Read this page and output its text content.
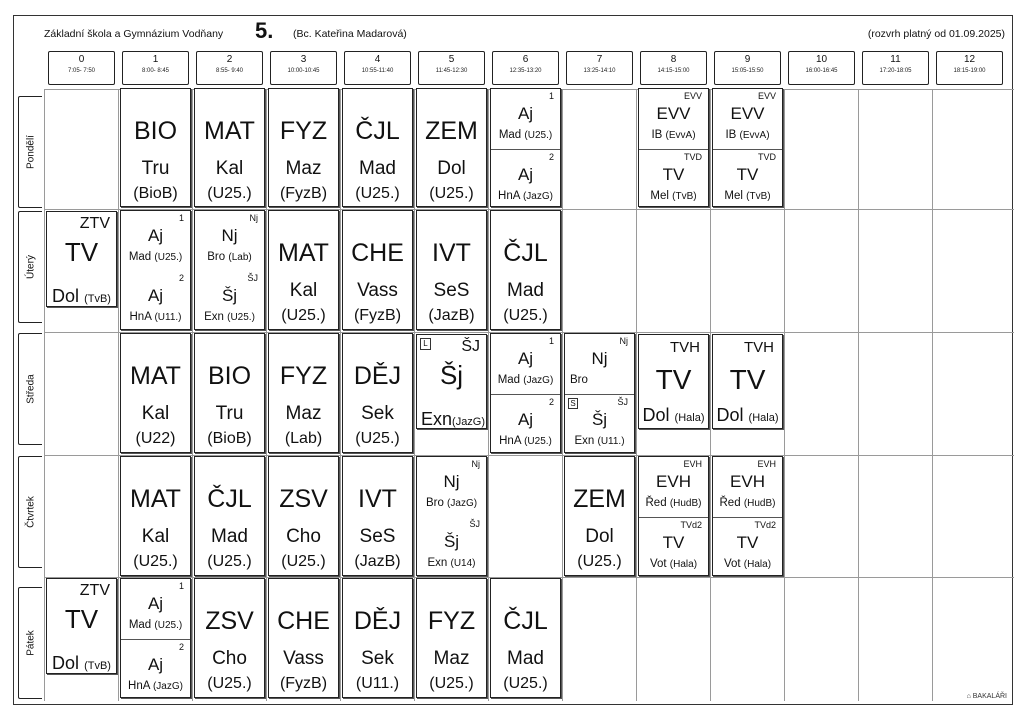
Základní škola a Gymnázium Vodňany 5. (Bc. Kateřina Madarová)	(rozvrh platný od 01.09.2025)
0
7:05- 7:50
1
8:00- 8:45
2
8:55- 9:40
3
10:00-10:45
4
10:55-11:40
5
11:45-12:30
6
12:35-13:20
7
13:25-14:10
8
14:15-15:00
9
15:05-15:50
10
16:00-16:45
11
17:20-18:05
12
18:15-19:00
Pondělí
Úterý
Středa
Čtvrtek
Pátek
BIO
Tru
(BioB)
MAT
Kal
(U25.)
FYZ
Maz
(FyzB)
ČJL
Mad
(U25.)
ZEM
Dol
(U25.)
1
Aj
Mad (U25.)
2
Aj
HnA (JazG)
EVV
EVV
IB (EvvA)
TVD
TV
Mel (TvB)
EVV
EVV
IB (EvvA)
TVD
TV
Mel (TvB)
ZTV
TV
Dol (TvB)
1
Aj
Mad (U25.)
2
Aj
HnA (U11.)
Nj
Nj
Bro (Lab)
ŠJ
Šj
Exn (U25.)
MAT
Kal
(U25.)
CHE
Vass
(FyzB)
IVT
SeS
(JazB)
ČJL
Mad
(U25.)
MAT
Kal
(U22)
BIO
Tru
(BioB)
FYZ
Maz
(Lab)
DĚJ
Sek
(U25.)
L ŠJ
Šj
Exn(JazG)
1
Aj
Mad (JazG)
2
Aj
HnA (U25.)
Nj
Nj
Bro
S	ŠJ
Šj
Exn (U11.)
TVH
TV
Dol (Hala)
TVH
TV
Dol (Hala)
MAT
Kal
(U25.)
ČJL
Mad
(U25.)
ZSV
Cho
(U25.)
IVT
SeS
(JazB)
Nj
Nj
Bro (JazG)
ŠJ
Šj
Exn (U14)
ZEM
Dol
(U25.)
EVH
EVH
Řed (HudB)
TVd2
TV
Vot (Hala)
EVH
EVH
Řed (HudB)
TVd2
TV
Vot (Hala)
ZTV
TV
Dol (TvB)
1
Aj
Mad (U25.)
2
Aj
HnA (JazG)
ZSV
Cho
(U25.)
CHE
Vass
(FyzB)
DĚJ
Sek
(U11.)
FYZ
Maz
(U25.)
ČJL
Mad
(U25.)
⌂ BAKALÁŘI
